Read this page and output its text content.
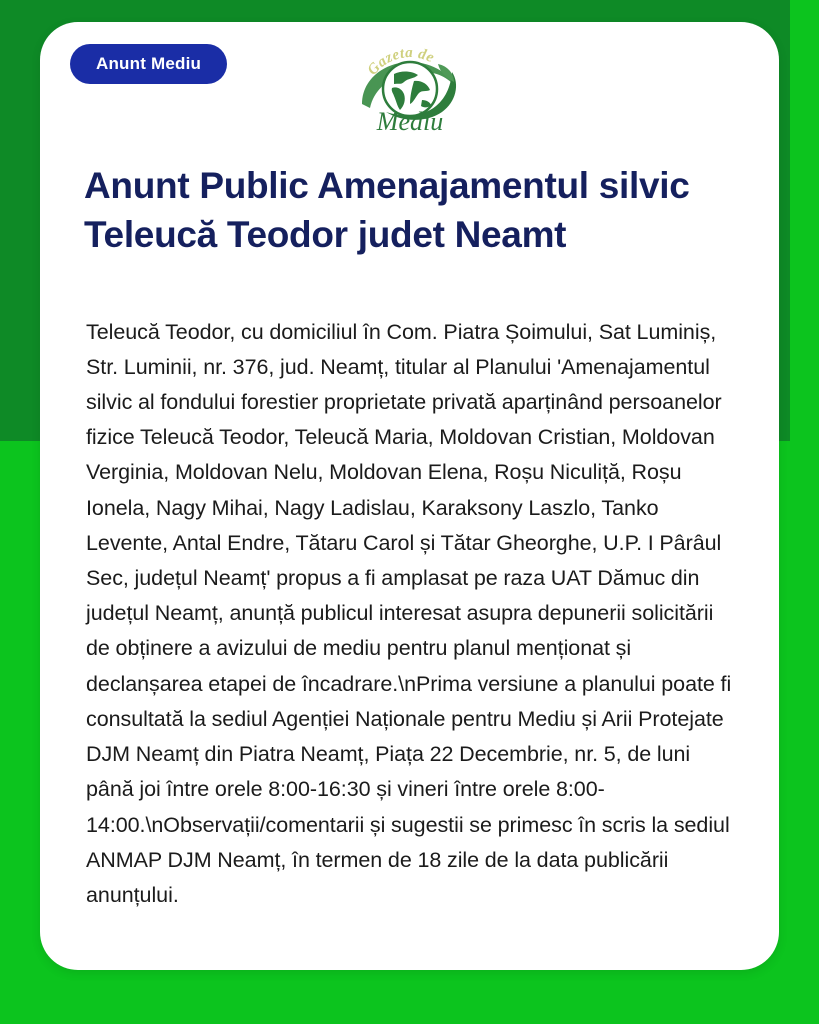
Anunt Mediu	Gazeta de
Mediu
Anunt Public Amenajamentul silvic Teleucă Teodor judet Neamt

Teleucă Teodor, cu domiciliul în Com. Piatra Șoimului, Sat Luminiș, Str. Luminii, nr. 376, jud. Neamț, titular al Planului 'Amenajamentul silvic al fondului forestier proprietate privată aparținând persoanelor fizice Teleucă Teodor, Teleucă Maria, Moldovan Cristian, Moldovan Verginia, Moldovan Nelu, Moldovan Elena, Roșu Niculiță, Roșu Ionela, Nagy Mihai, Nagy Ladislau, Karaksony Laszlo, Tanko Levente, Antal Endre, Tătaru Carol și Tătar Gheorghe, U.P. I Pârâul Sec, județul Neamț' propus a fi amplasat pe raza UAT Dămuc din județul Neamț, anunță publicul interesat asupra depunerii solicitării de obținere a avizului de mediu pentru planul menționat și declanșarea etapei de încadrare.\nPrima versiune a planului poate fi consultată la sediul Agenției Naționale pentru Mediu și Arii Protejate DJM Neamț din Piatra Neamț, Piața 22 Decembrie, nr. 5, de luni până joi între orele 8:00-16:30 și vineri între orele 8:00-14:00.\nObservații/comentarii și sugestii se primesc în scris la sediul ANMAP DJM Neamț, în termen de 18 zile de la data publicării anunțului.
